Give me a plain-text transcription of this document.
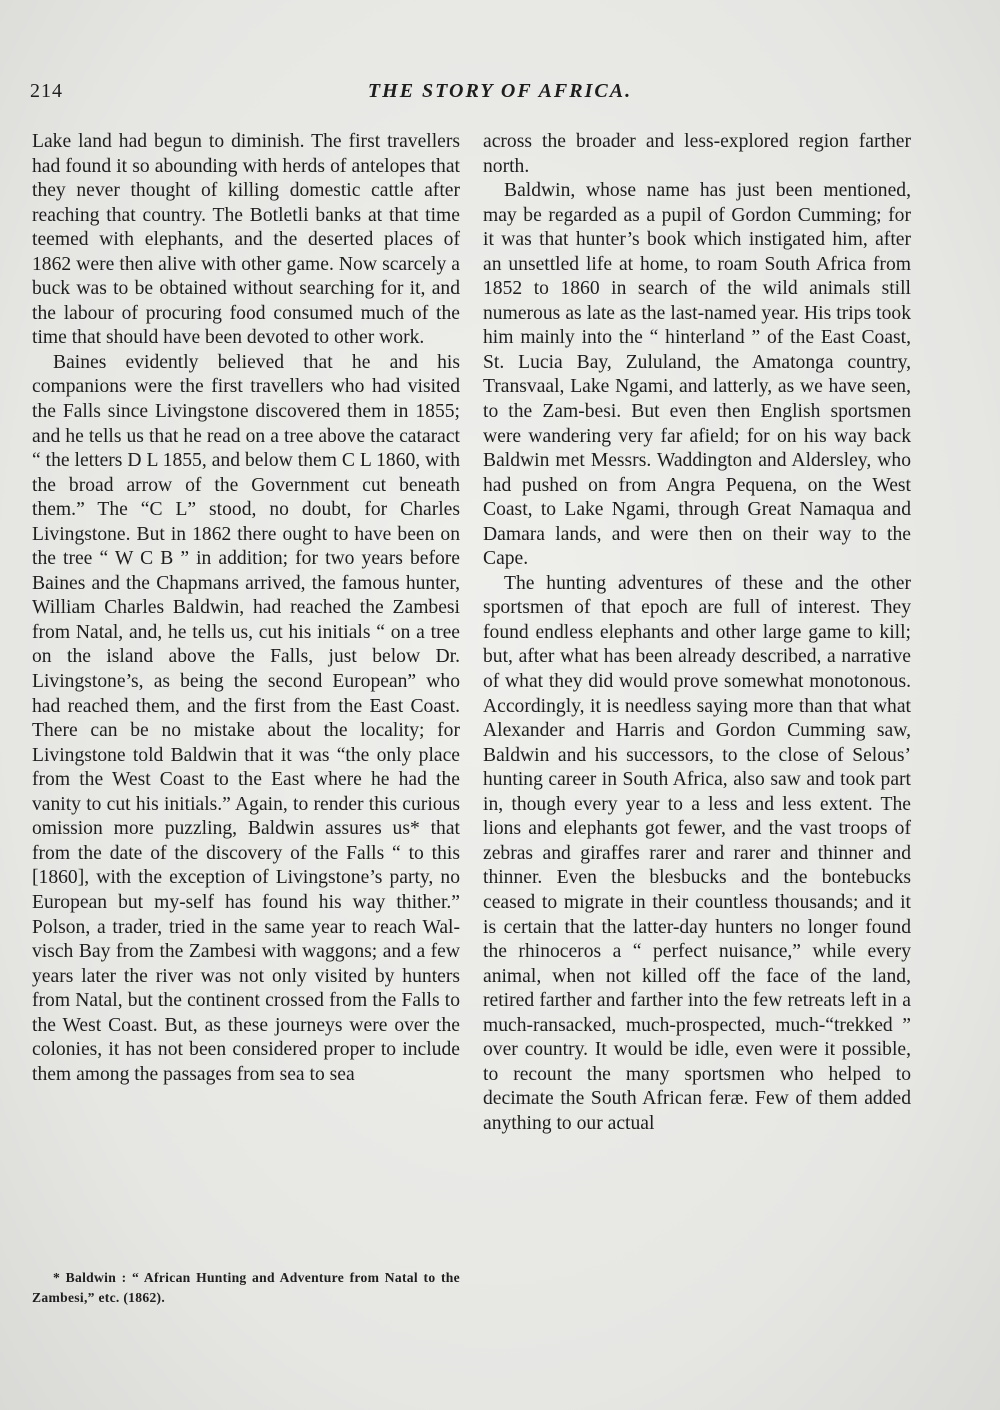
214	THE STORY OF AFRICA.

Lake land had begun to diminish. The first travellers had found it so abounding with herds of antelopes that they never thought of killing domestic cattle after reaching that country. The Botletli banks at that time teemed with elephants, and the deserted places of 1862 were then alive with other game. Now scarcely a buck was to be obtained without searching for it, and the labour of procuring food consumed much of the time that should have been devoted to other work.

Baines evidently believed that he and his companions were the first travellers who had visited the Falls since Livingstone discovered them in 1855; and he tells us that he read on a tree above the cataract “ the letters D L 1855, and below them C L 1860, with the broad arrow of the Government cut beneath them.” The “C L” stood, no doubt, for Charles Livingstone. But in 1862 there ought to have been on the tree “ W C B ” in addition; for two years before Baines and the Chapmans arrived, the famous hunter, William Charles Baldwin, had reached the Zambesi from Natal, and, he tells us, cut his initials “ on a tree on the island above the Falls, just below Dr. Livingstone’s, as being the second European” who had reached them, and the first from the East Coast. There can be no mistake about the locality; for Livingstone told Baldwin that it was “the only place from the West Coast to the East where he had the vanity to cut his initials.” Again, to render this curious omission more puzzling, Baldwin assures us* that from the date of the discovery of the Falls “ to this [1860], with the exception of Livingstone’s party, no European but my-self has found his way thither.” Polson, a trader, tried in the same year to reach Wal-visch Bay from the Zambesi with waggons; and a few years later the river was not only visited by hunters from Natal, but the continent crossed from the Falls to the West Coast. But, as these journeys were over the colonies, it has not been considered proper to include them among the passages from sea to sea

* Baldwin : “ African Hunting and Adventure from Natal to the Zambesi,” etc. (1862).

across the broader and less-explored region farther north.

Baldwin, whose name has just been mentioned, may be regarded as a pupil of Gordon Cumming; for it was that hunter’s book which instigated him, after an unsettled life at home, to roam South Africa from 1852 to 1860 in search of the wild animals still numerous as late as the last-named year. His trips took him mainly into the “ hinterland ” of the East Coast, St. Lucia Bay, Zululand, the Amatonga country, Transvaal, Lake Ngami, and latterly, as we have seen, to the Zam-besi. But even then English sportsmen were wandering very far afield; for on his way back Baldwin met Messrs. Waddington and Aldersley, who had pushed on from Angra Pequena, on the West Coast, to Lake Ngami, through Great Namaqua and Damara lands, and were then on their way to the Cape.

The hunting adventures of these and the other sportsmen of that epoch are full of interest. They found endless elephants and other large game to kill; but, after what has been already described, a narrative of what they did would prove somewhat monotonous. Accordingly, it is needless saying more than that what Alexander and Harris and Gordon Cumming saw, Baldwin and his successors, to the close of Selous’ hunting career in South Africa, also saw and took part in, though every year to a less and less extent. The lions and elephants got fewer, and the vast troops of zebras and giraffes rarer and rarer and thinner and thinner. Even the blesbucks and the bontebucks ceased to migrate in their countless thousands; and it is certain that the latter-day hunters no longer found the rhinoceros a “ perfect nuisance,” while every animal, when not killed off the face of the land, retired farther and farther into the few retreats left in a much-ransacked, much-prospected, much-“trekked ” over country. It would be idle, even were it possible, to recount the many sportsmen who helped to decimate the South African feræ. Few of them added anything to our actual
